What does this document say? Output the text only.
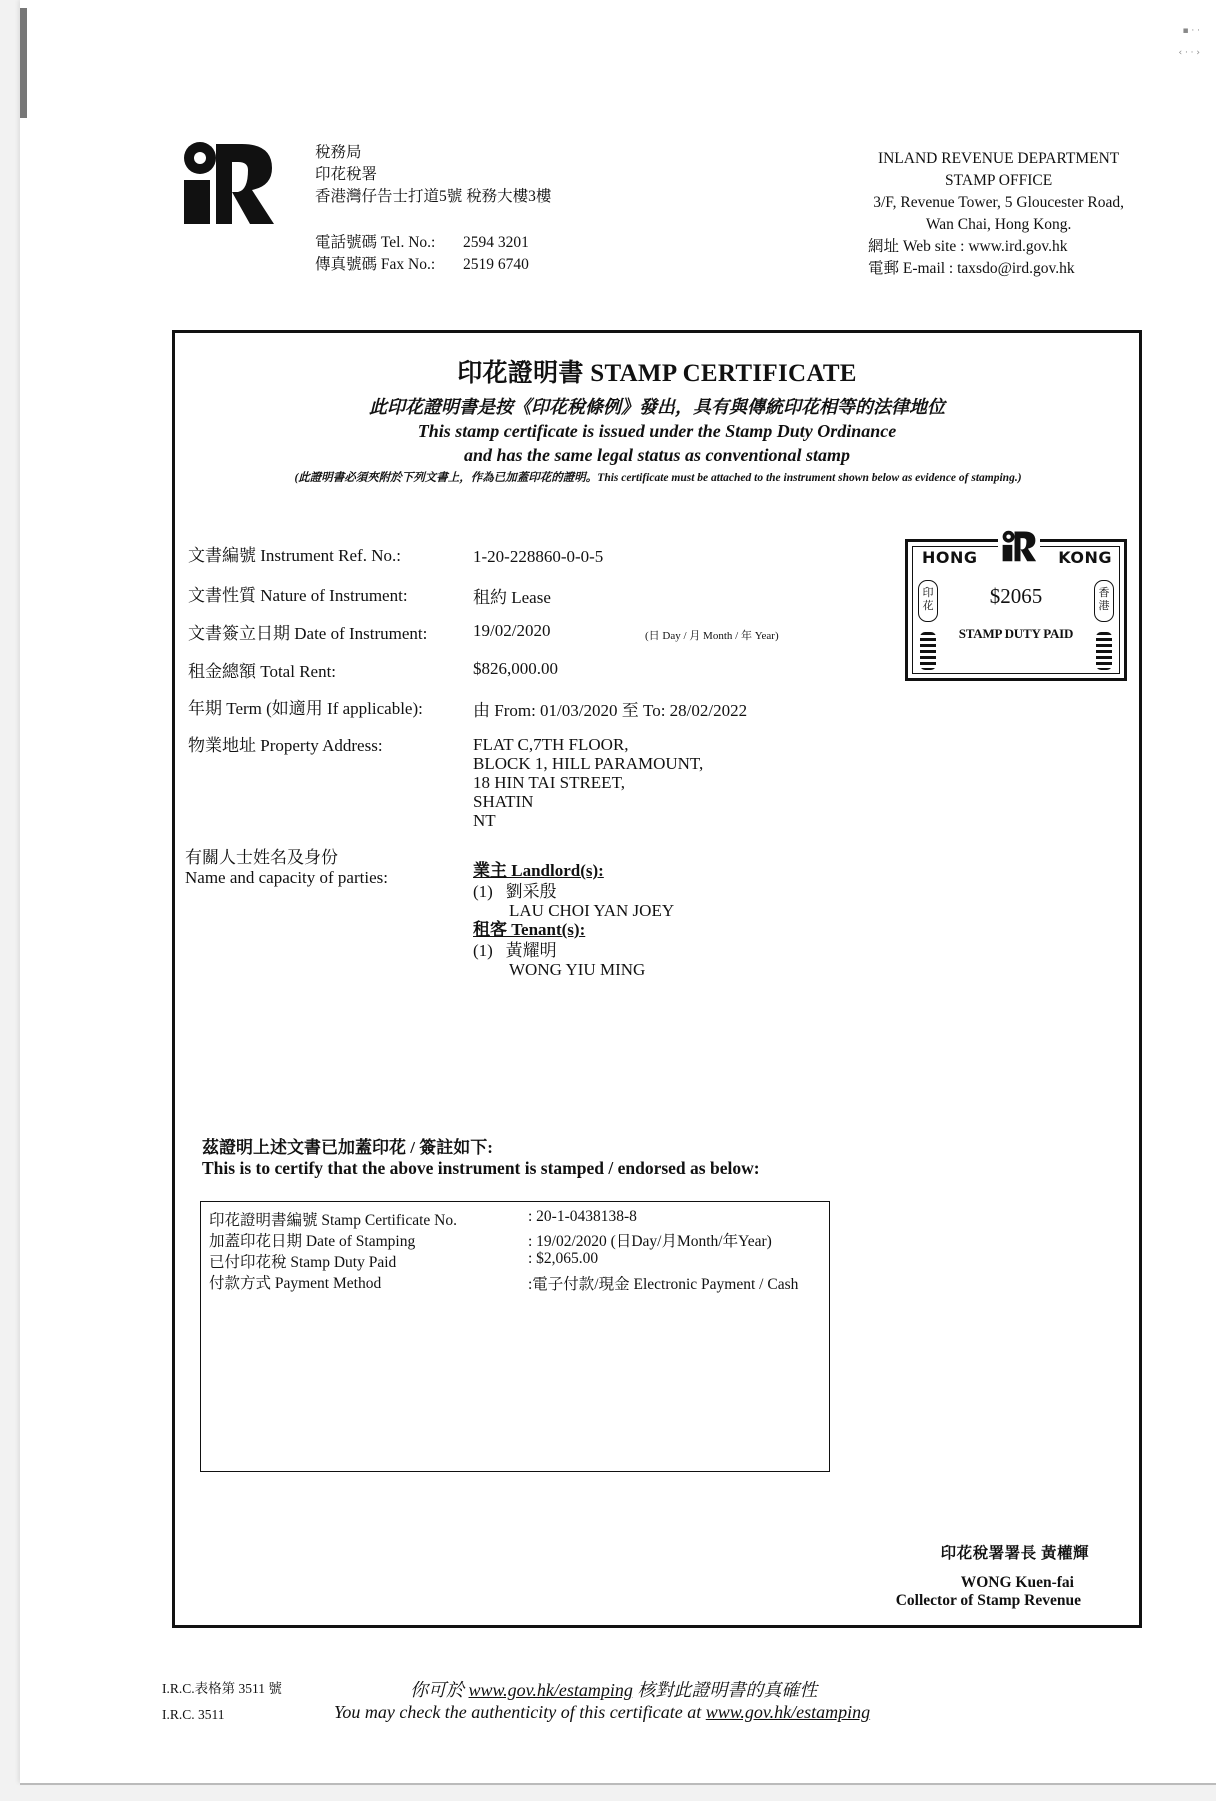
▪ · ·
‹ · · ›
稅務局
印花稅署
香港灣仔告士打道5號 稅務大樓3樓
電話號碼 Tel. No.: 2594 3201
傳真號碼 Fax No.: 2519 6740
INLAND REVENUE DEPARTMENT
STAMP OFFICE
3/F, Revenue Tower, 5 Gloucester Road,
Wan Chai, Hong Kong.
網址 Web site : www.ird.gov.hk
電郵 E-mail : taxsdo@ird.gov.hk
印花證明書 STAMP CERTIFICATE
此印花證明書是按《印花稅條例》發出，具有與傳統印花相等的法律地位
This stamp certificate is issued under the Stamp Duty Ordinance
and has the same legal status as conventional stamp
(此證明書必須夾附於下列文書上，作為已加蓋印花的證明。This certificate must be attached to the instrument shown below as evidence of stamping.)
文書編號 Instrument Ref. No.:	1-20-228860-0-0-5
文書性質 Nature of Instrument:	租約 Lease
文書簽立日期 Date of Instrument:	19/02/2020	(日 Day / 月 Month / 年 Year)
租金總額 Total Rent:	$826,000.00
年期 Term (如適用 If applicable):	由 From: 01/03/2020 至 To: 28/02/2022
物業地址 Property Address:	FLAT C,7TH FLOOR,
BLOCK 1, HILL PARAMOUNT,
18 HIN TAI STREET,
SHATIN
NT
有關人士姓名及身份
Name and capacity of parties:	業主 Landlord(s):
(1) 劉采殷
LAU CHOI YAN JOEY
租客 Tenant(s):
(1) 黃耀明
WONG YIU MING
HONG	KONG
印花
香港
$2065
STAMP DUTY PAID
茲證明上述文書已加蓋印花 / 簽註如下:
This is to certify that the above instrument is stamped / endorsed as below:
印花證明書編號 Stamp Certificate No.	: 20-1-0438138-8
加蓋印花日期 Date of Stamping	: 19/02/2020 (日Day/月Month/年Year)
已付印花稅 Stamp Duty Paid	: $2,065.00
付款方式 Payment Method	:電子付款/現金 Electronic Payment / Cash
印花稅署署長 黃權輝
WONG Kuen-fai
Collector of Stamp Revenue
I.R.C.表格第 3511 號
I.R.C. 3511
你可於 www.gov.hk/estamping 核對此證明書的真確性
You may check the authenticity of this certificate at www.gov.hk/estamping
